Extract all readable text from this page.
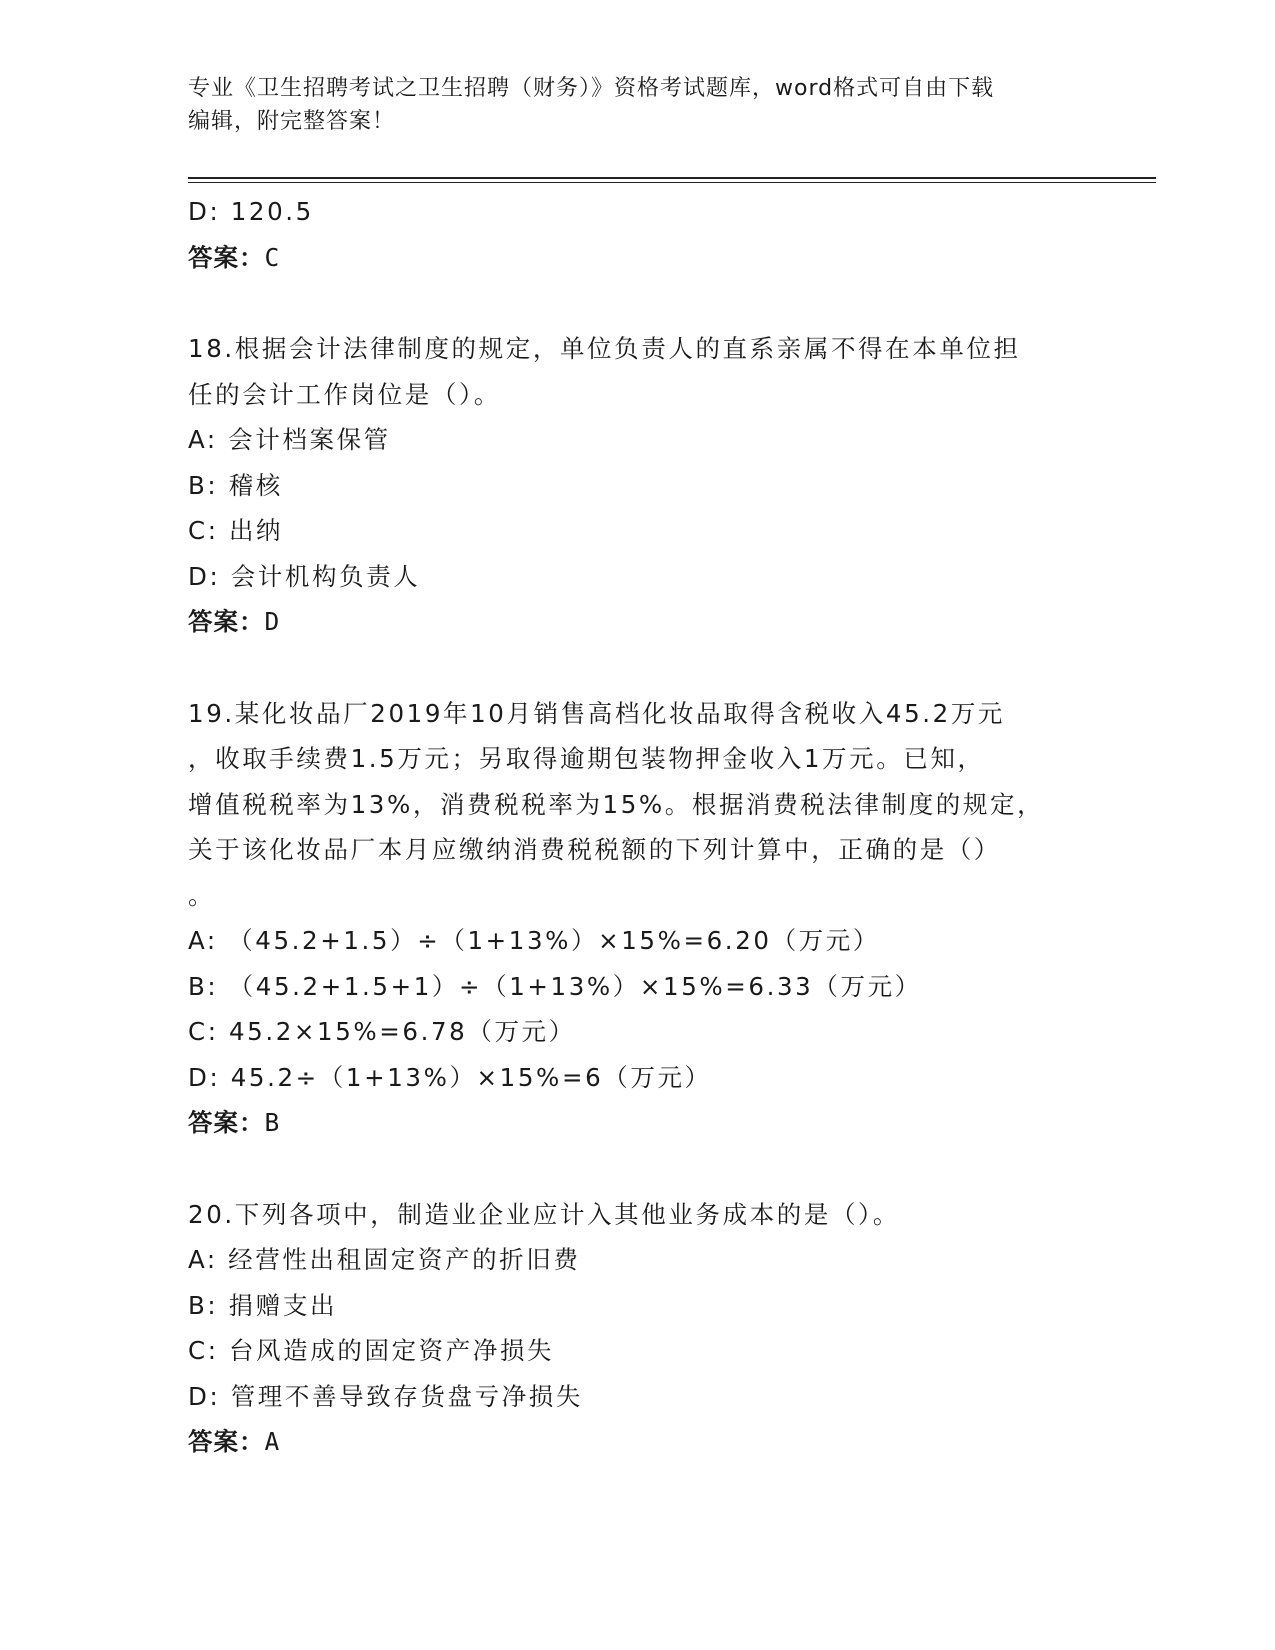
专业《卫生招聘考试之卫生招聘（财务）》资格考试题库，word格式可自由下载
编辑，附完整答案！
D: 120.5
答案：C
18.根据会计法律制度的规定，单位负责人的直系亲属不得在本单位担
任的会计工作岗位是（）。
A: 会计档案保管
B: 稽核
C: 出纳
D: 会计机构负责人
答案：D
19.某化妆品厂2019年10月销售高档化妆品取得含税收入45.2万元
，收取手续费1.5万元；另取得逾期包装物押金收入1万元。已知，
增值税税率为13%，消费税税率为15%。根据消费税法律制度的规定，
关于该化妆品厂本月应缴纳消费税税额的下列计算中，正确的是（）
。
A: （45.2+1.5）÷（1+13%）×15%=6.20（万元）
B: （45.2+1.5+1）÷（1+13%）×15%=6.33（万元）
C: 45.2×15%=6.78（万元）
D: 45.2÷（1+13%）×15%=6（万元）
答案：B
20.下列各项中，制造业企业应计入其他业务成本的是（）。
A: 经营性出租固定资产的折旧费
B: 捐赠支出
C: 台风造成的固定资产净损失
D: 管理不善导致存货盘亏净损失
答案：A
